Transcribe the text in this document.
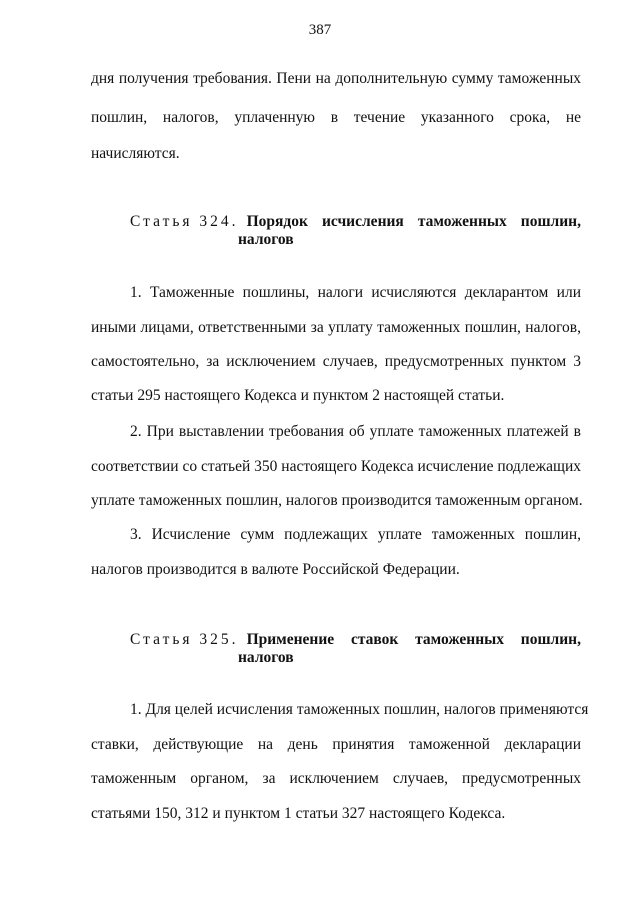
387
дня получения требования. Пени на дополнительную сумму таможенных
пошлин, налогов, уплаченную в течение указанного срока, не
начисляются.
Статья 324. Порядок исчисления таможенных пошлин,
налогов
1. Таможенные пошлины, налоги исчисляются декларантом или
иными лицами, ответственными за уплату таможенных пошлин, налогов,
самостоятельно, за исключением случаев, предусмотренных пунктом 3
статьи 295 настоящего Кодекса и пунктом 2 настоящей статьи.
2. При выставлении требования об уплате таможенных платежей в
соответствии со статьей 350 настоящего Кодекса исчисление подлежащих
уплате таможенных пошлин, налогов производится таможенным органом.
3. Исчисление сумм подлежащих уплате таможенных пошлин,
налогов производится в валюте Российской Федерации.
Статья 325. Применение ставок таможенных пошлин,
налогов
1. Для целей исчисления таможенных пошлин, налогов применяются
ставки, действующие на день принятия таможенной декларации
таможенным органом, за исключением случаев, предусмотренных
статьями 150, 312 и пунктом 1 статьи 327 настоящего Кодекса.
